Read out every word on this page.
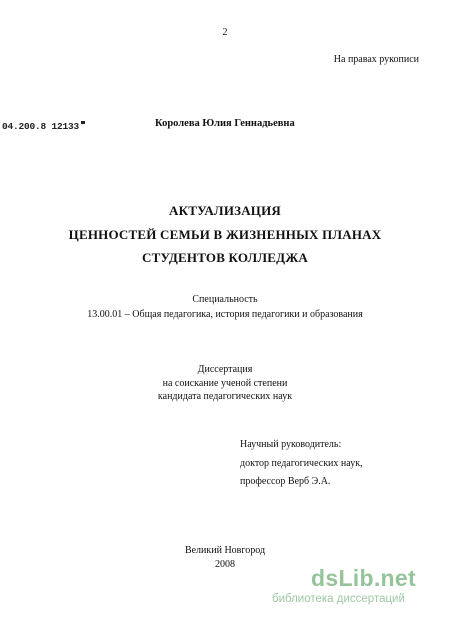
2
На правах рукописи
04.200.8 12133	Королева Юлия Геннадьевна
АКТУАЛИЗАЦИЯ
ЦЕННОСТЕЙ СЕМЬИ В ЖИЗНЕННЫХ ПЛАНАХ
СТУДЕНТОВ КОЛЛЕДЖА
Специальность
13.00.01 – Общая педагогика, история педагогики и образования
Диссертация
на соискание ученой степени
кандидата педагогических наук
Научный руководитель:
доктор педагогических наук,
профессор Верб Э.А.
Великий Новгород
2008
dsLib.net
библиотека диссертаций
